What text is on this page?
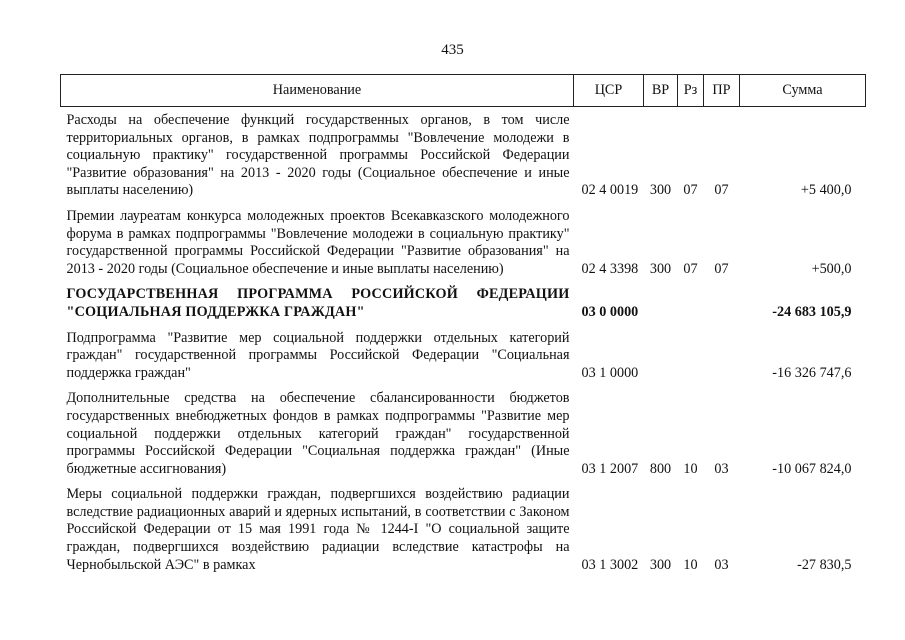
435
Наименование	ЦСР	ВР	Рз	ПР	Сумма
Расходы на обеспечение функций государственных органов, в том числе территориальных органов, в рамках подпрограммы "Вовлечение молодежи в социальную практику" государственной программы Российской Федерации "Развитие образования" на 2013 - 2020 годы (Социальное обеспечение и иные выплаты населению)	02 4 0019	300	07	07	+5 400,0
Премии лауреатам конкурса молодежных проектов Всекавказского молодежного форума в рамках подпрограммы "Вовлечение молодежи в социальную практику" государственной программы Российской Федерации "Развитие образования" на 2013 - 2020 годы (Социальное обеспечение и иные выплаты населению)	02 4 3398	300	07	07	+500,0
ГОСУДАРСТВЕННАЯ ПРОГРАММА РОССИЙСКОЙ ФЕДЕРАЦИИ "СОЦИАЛЬНАЯ ПОДДЕРЖКА ГРАЖДАН"	03 0 0000				-24 683 105,9
Подпрограмма "Развитие мер социальной поддержки отдельных категорий граждан" государственной программы Российской Федерации "Социальная поддержка граждан"	03 1 0000				-16 326 747,6
Дополнительные средства на обеспечение сбалансированности бюджетов государственных внебюджетных фондов в рамках подпрограммы "Развитие мер социальной поддержки отдельных категорий граждан" государственной программы Российской Федерации "Социальная поддержка граждан" (Иные бюджетные ассигнования)	03 1 2007	800	10	03	-10 067 824,0
Меры социальной поддержки граждан, подвергшихся воздействию радиации вследствие радиационных аварий и ядерных испытаний, в соответствии с Законом Российской Федерации от 15 мая 1991 года № 1244-I "О социальной защите граждан, подвергшихся воздействию радиации вследствие катастрофы на Чернобыльской АЭС" в рамках	03 1 3002	300	10	03	-27 830,5
